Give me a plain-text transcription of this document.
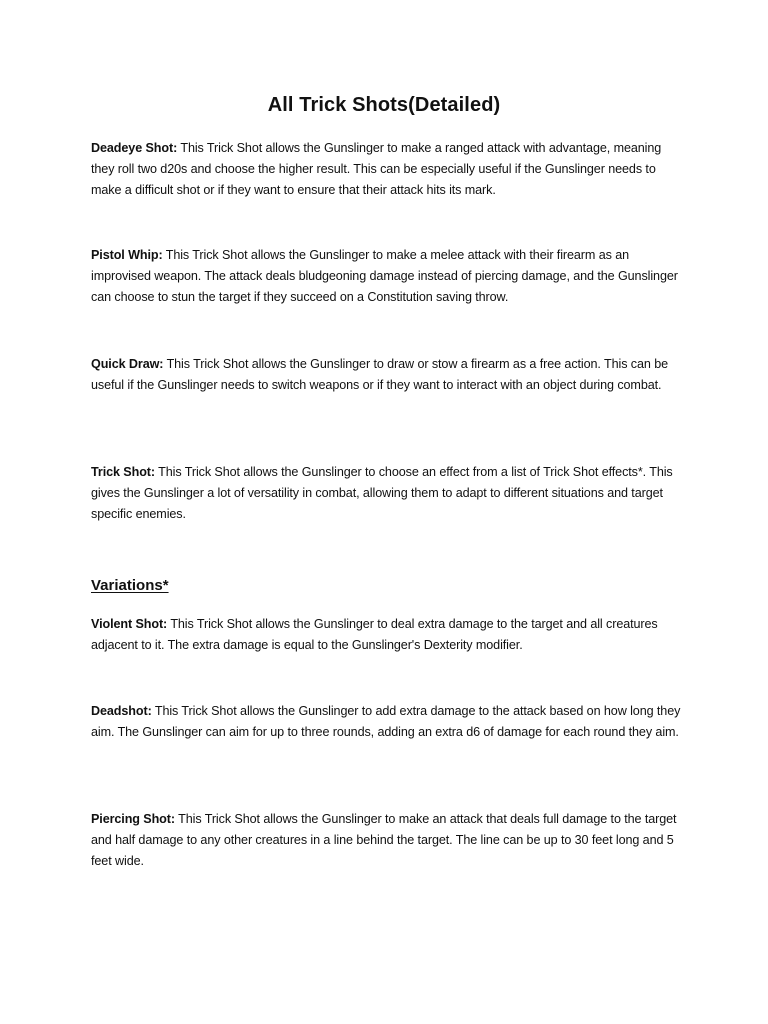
All Trick Shots(Detailed)

Deadeye Shot: This Trick Shot allows the Gunslinger to make a ranged attack with advantage, meaning they roll two d20s and choose the higher result. This can be especially useful if the Gunslinger needs to make a difficult shot or if they want to ensure that their attack hits its mark.

Pistol Whip: This Trick Shot allows the Gunslinger to make a melee attack with their firearm as an improvised weapon. The attack deals bludgeoning damage instead of piercing damage, and the Gunslinger can choose to stun the target if they succeed on a Constitution saving throw.

Quick Draw: This Trick Shot allows the Gunslinger to draw or stow a firearm as a free action. This can be useful if the Gunslinger needs to switch weapons or if they want to interact with an object during combat.

Trick Shot: This Trick Shot allows the Gunslinger to choose an effect from a list of Trick Shot effects*. This gives the Gunslinger a lot of versatility in combat, allowing them to adapt to different situations and target specific enemies.

Variations*

Violent Shot: This Trick Shot allows the Gunslinger to deal extra damage to the target and all creatures adjacent to it. The extra damage is equal to the Gunslinger's Dexterity modifier.

Deadshot: This Trick Shot allows the Gunslinger to add extra damage to the attack based on how long they aim. The Gunslinger can aim for up to three rounds, adding an extra d6 of damage for each round they aim.

Piercing Shot: This Trick Shot allows the Gunslinger to make an attack that deals full damage to the target and half damage to any other creatures in a line behind the target. The line can be up to 30 feet long and 5 feet wide.
